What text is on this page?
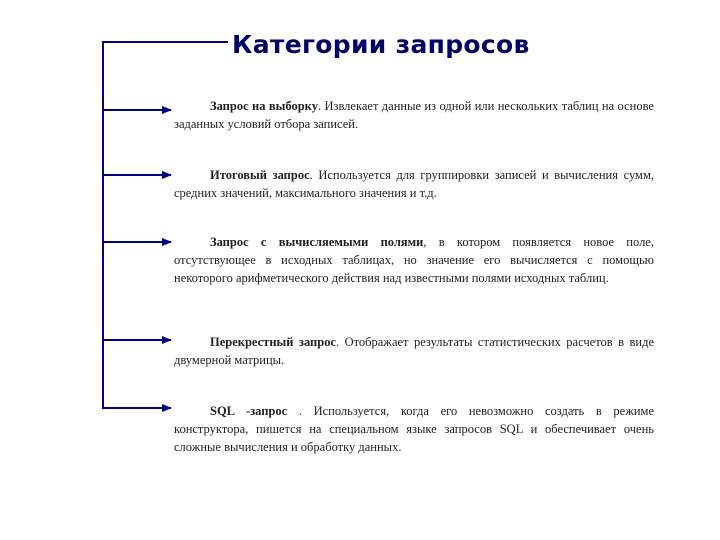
Категории запросов
Запрос на выборку. Извлекает данные из одной или нескольких таблиц на основе заданных условий отбора записей.
Итоговый запрос. Используется для группировки записей и вычисления сумм, средних значений, максимального значения и т.д.
Запрос с вычисляемыми полями, в котором появляется новое поле, отсутствующее в исходных таблицах, но значение его вычисляется с помощью некоторого арифметического действия над известными полями исходных таблиц.
Перекрестный запрос. Отображает результаты статистических расчетов в виде двумерной матрицы.
SQL -запрос . Используется, когда его невозможно создать в режиме конструктора, пишется на специальном языке запросов SQL и обеспечивает очень сложные вычисления и обработку данных.
